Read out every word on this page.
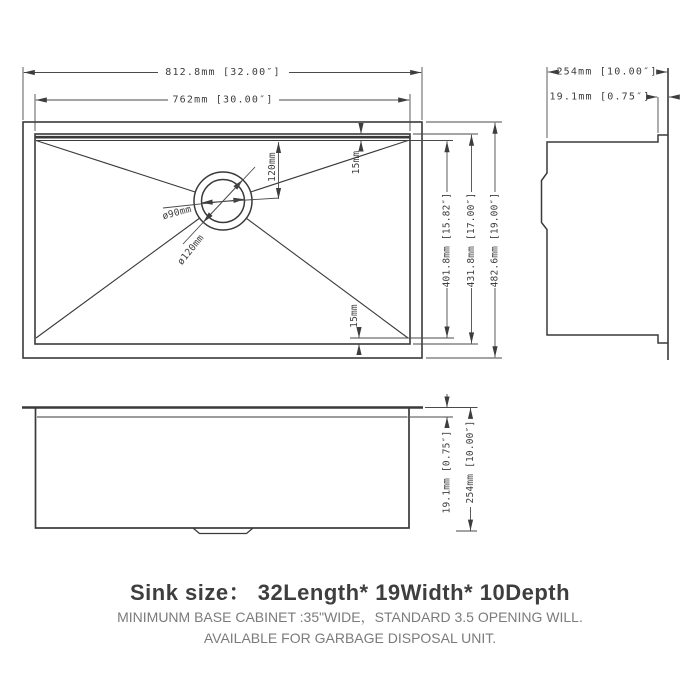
ø90mm
ø120mm
120mm	15mm
15mm
401.8mm [15.82″] 431.8mm [17.00″] 482.6mm [19.00″]
812.8mm [32.00″]
762mm [30.00″]
254mm [10.00″]
19.1mm [0.75″]
19.1mm [0.75″] 254mm [10.00″]
Sink size： 32Length* 19Width* 10Depth
MINIMUNM BASE CABINET :35"WIDE，STANDARD 3.5 OPENING WILL.
AVAILABLE FOR GARBAGE DISPOSAL UNIT.
